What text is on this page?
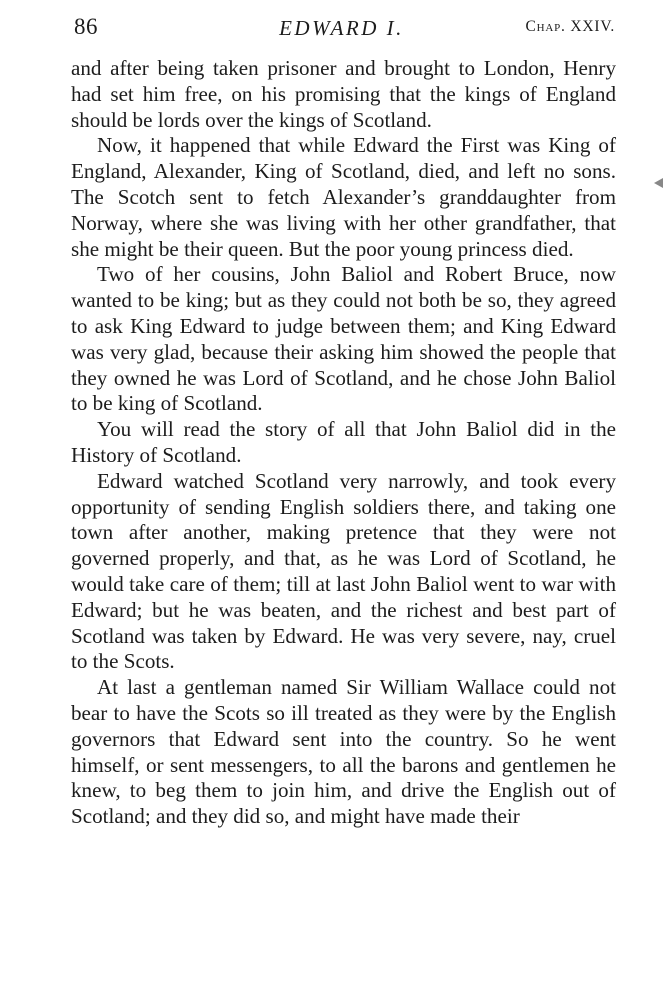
86	EDWARD I.	Chap. XXIV.

and after being taken prisoner and brought to London, Henry had set him free, on his promising that the kings of England should be lords over the kings of Scotland.

Now, it happened that while Edward the First was King of England, Alexander, King of Scotland, died, and left no sons. The Scotch sent to fetch Alexander’s granddaughter from Norway, where she was living with her other grandfather, that she might be their queen. But the poor young princess died.

Two of her cousins, John Baliol and Robert Bruce, now wanted to be king; but as they could not both be so, they agreed to ask King Edward to judge between them; and King Edward was very glad, because their asking him showed the people that they owned he was Lord of Scotland, and he chose John Baliol to be king of Scotland.

You will read the story of all that John Baliol did in the History of Scotland.

Edward watched Scotland very narrowly, and took every opportunity of sending English soldiers there, and taking one town after another, making pretence that they were not governed properly, and that, as he was Lord of Scotland, he would take care of them; till at last John Baliol went to war with Edward; but he was beaten, and the richest and best part of Scotland was taken by Edward. He was very severe, nay, cruel to the Scots.

At last a gentleman named Sir William Wallace could not bear to have the Scots so ill treated as they were by the English governors that Edward sent into the country. So he went himself, or sent messengers, to all the barons and gentlemen he knew, to beg them to join him, and drive the English out of Scotland; and they did so, and might have made their
